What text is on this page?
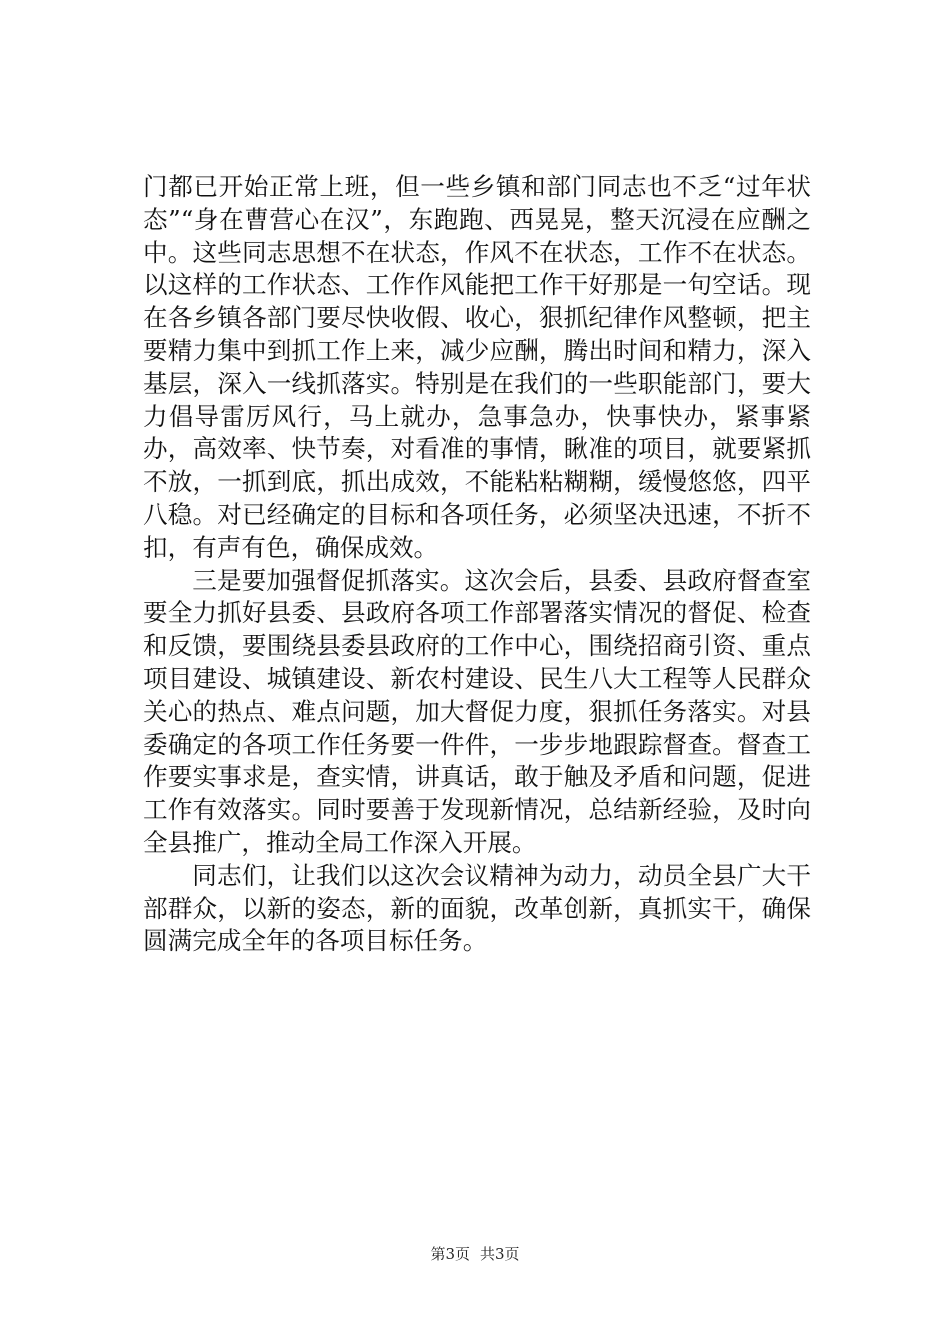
门都已开始正常上班，但一些乡镇和部门同志也不乏“过年状态”“身在曹营心在汉”，东跑跑、西晃晃，整天沉浸在应酬之中。这些同志思想不在状态，作风不在状态，工作不在状态。以这样的工作状态、工作作风能把工作干好那是一句空话。现在各乡镇各部门要尽快收假、收心，狠抓纪律作风整顿，把主要精力集中到抓工作上来，减少应酬，腾出时间和精力，深入基层，深入一线抓落实。特别是在我们的一些职能部门，要大力倡导雷厉风行，马上就办，急事急办，快事快办，紧事紧办，高效率、快节奏，对看准的事情，瞅准的项目，就要紧抓不放，一抓到底，抓出成效，不能粘粘糊糊，缓慢悠悠，四平八稳。对已经确定的目标和各项任务，必须坚决迅速，不折不扣，有声有色，确保成效。

三是要加强督促抓落实。这次会后，县委、县政府督查室要全力抓好县委、县政府各项工作部署落实情况的督促、检查和反馈，要围绕县委县政府的工作中心，围绕招商引资、重点项目建设、城镇建设、新农村建设、民生八大工程等人民群众关心的热点、难点问题，加大督促力度，狠抓任务落实。对县委确定的各项工作任务要一件件，一步步地跟踪督查。督查工作要实事求是，查实情，讲真话，敢于触及矛盾和问题，促进工作有效落实。同时要善于发现新情况，总结新经验，及时向全县推广，推动全局工作深入开展。

同志们，让我们以这次会议精神为动力，动员全县广大干部群众，以新的姿态，新的面貌，改革创新，真抓实干，确保圆满完成全年的各项目标任务。

第3页 共3页
